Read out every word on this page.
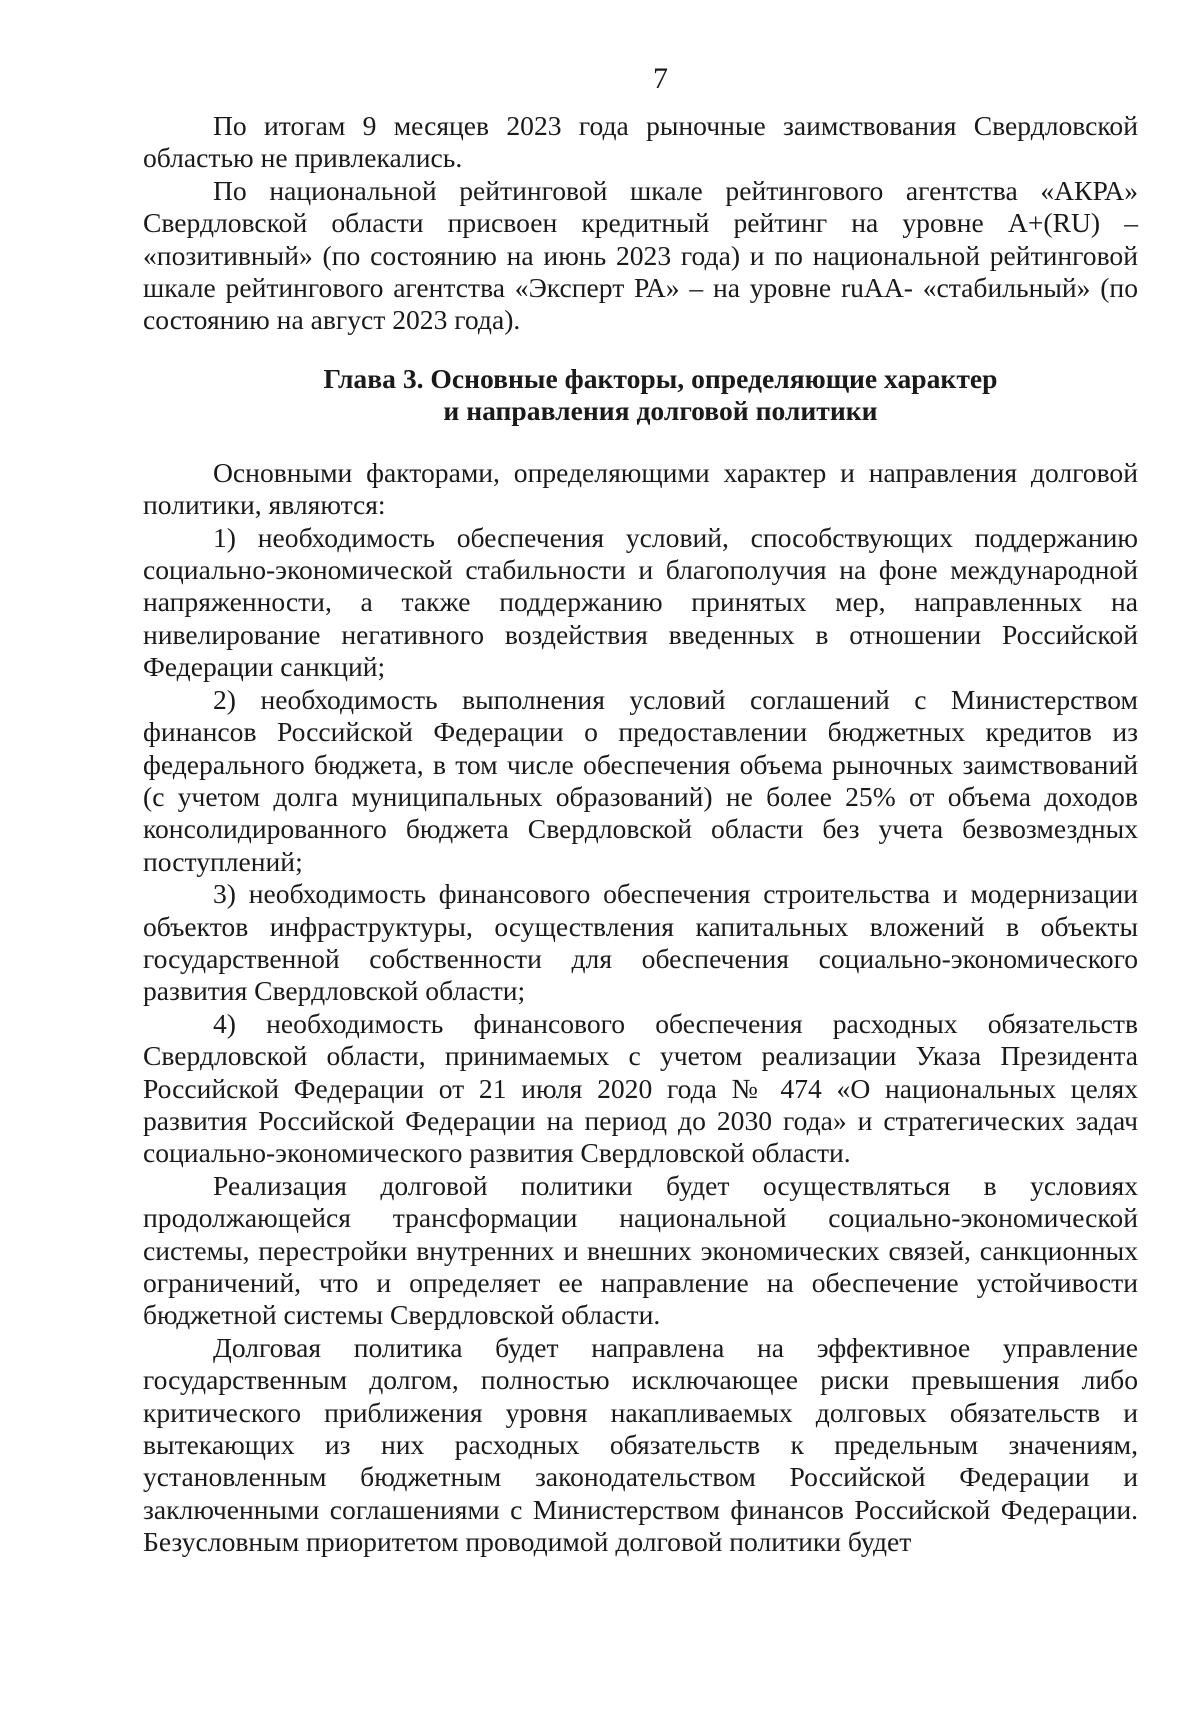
7

По итогам 9 месяцев 2023 года рыночные заимствования Свердловской областью не привлекались.

По национальной рейтинговой шкале рейтингового агентства «АКРА» Свердловской области присвоен кредитный рейтинг на уровне A+(RU) – «позитивный» (по состоянию на июнь 2023 года) и по национальной рейтинговой шкале рейтингового агентства «Эксперт РА» – на уровне ruAA- «стабильный» (по состоянию на август 2023 года).

Глава 3. Основные факторы, определяющие характер
и направления долговой политики

Основными факторами, определяющими характер и направления долговой политики, являются:

1) необходимость обеспечения условий, способствующих поддержанию социально-экономической стабильности и благополучия на фоне международной напряженности, а также поддержанию принятых мер, направленных на нивелирование негативного воздействия введенных в отношении Российской Федерации санкций;

2) необходимость выполнения условий соглашений с Министерством финансов Российской Федерации о предоставлении бюджетных кредитов из федерального бюджета, в том числе обеспечения объема рыночных заимствований (с учетом долга муниципальных образований) не более 25% от объема доходов консолидированного бюджета Свердловской области без учета безвозмездных поступлений;

3) необходимость финансового обеспечения строительства и модернизации объектов инфраструктуры, осуществления капитальных вложений в объекты государственной собственности для обеспечения социально-экономического развития Свердловской области;

4) необходимость финансового обеспечения расходных обязательств Свердловской области, принимаемых с учетом реализации Указа Президента Российской Федерации от 21 июля 2020 года № 474 «О национальных целях развития Российской Федерации на период до 2030 года» и стратегических задач социально-экономического развития Свердловской области.

Реализация долговой политики будет осуществляться в условиях продолжающейся трансформации национальной социально-экономической системы, перестройки внутренних и внешних экономических связей, санкционных ограничений, что и определяет ее направление на обеспечение устойчивости бюджетной системы Свердловской области.

Долговая политика будет направлена на эффективное управление государственным долгом, полностью исключающее риски превышения либо критического приближения уровня накапливаемых долговых обязательств и вытекающих из них расходных обязательств к предельным значениям, установленным бюджетным законодательством Российской Федерации и заключенными соглашениями с Министерством финансов Российской Федерации. Безусловным приоритетом проводимой долговой политики будет
